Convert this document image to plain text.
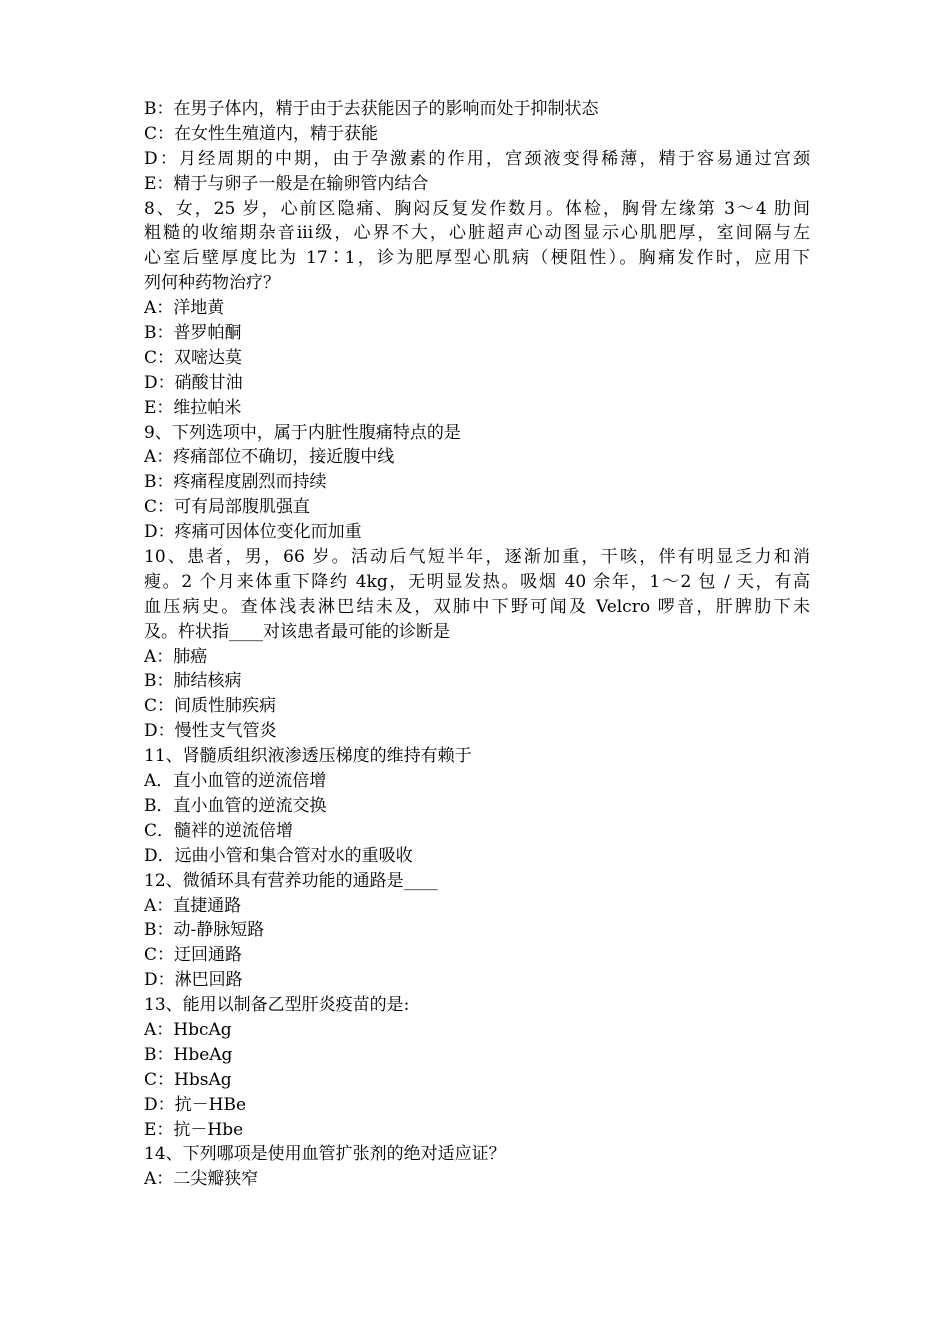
B：在男子体内，精于由于去获能因子的影响而处于抑制状态
C：在女性生殖道内，精于获能
D：月经周期的中期，由于孕激素的作用，宫颈液变得稀薄，精于容易通过宫颈
E：精于与卵子一般是在输卵管内结合
8、女，25 岁，心前区隐痛、胸闷反复发作数月。体检，胸骨左缘第 3～4 肋间
粗糙的收缩期杂音iii级，心界不大，心脏超声心动图显示心肌肥厚，室间隔与左
心室后壁厚度比为 17∶1，诊为肥厚型心肌病（梗阻性）。胸痛发作时，应用下
列何种药物治疗？
A：洋地黄
B：普罗帕酮
C：双嘧达莫
D：硝酸甘油
E：维拉帕米
9、下列选项中，属于内脏性腹痛特点的是
A：疼痛部位不确切，接近腹中线
B：疼痛程度剧烈而持续
C：可有局部腹肌强直
D：疼痛可因体位变化而加重
10、患者，男，66 岁。活动后气短半年，逐渐加重，干咳，伴有明显乏力和消
瘦。2 个月来体重下降约 4kg，无明显发热。吸烟 40 余年，1～2 包 / 天，有高
血压病史。查体浅表淋巴结未及，双肺中下野可闻及 Velcro 啰音，肝脾肋下未
及。杵状指____对该患者最可能的诊断是
A：肺癌
B：肺结核病
C：间质性肺疾病
D：慢性支气管炎
11、肾髓质组织液渗透压梯度的维持有赖于
A．直小血管的逆流倍增
B．直小血管的逆流交换
C．髓袢的逆流倍增
D．远曲小管和集合管对水的重吸收
12、微循环具有营养功能的通路是____
A：直捷通路
B：动-静脉短路
C：迂回通路
D：淋巴回路
13、能用以制备乙型肝炎疫苗的是:
A：HbcAg
B：HbeAg
C：HbsAg
D：抗－HBe
E：抗－Hbe
14、下列哪项是使用血管扩张剂的绝对适应证？
A：二尖瓣狭窄
